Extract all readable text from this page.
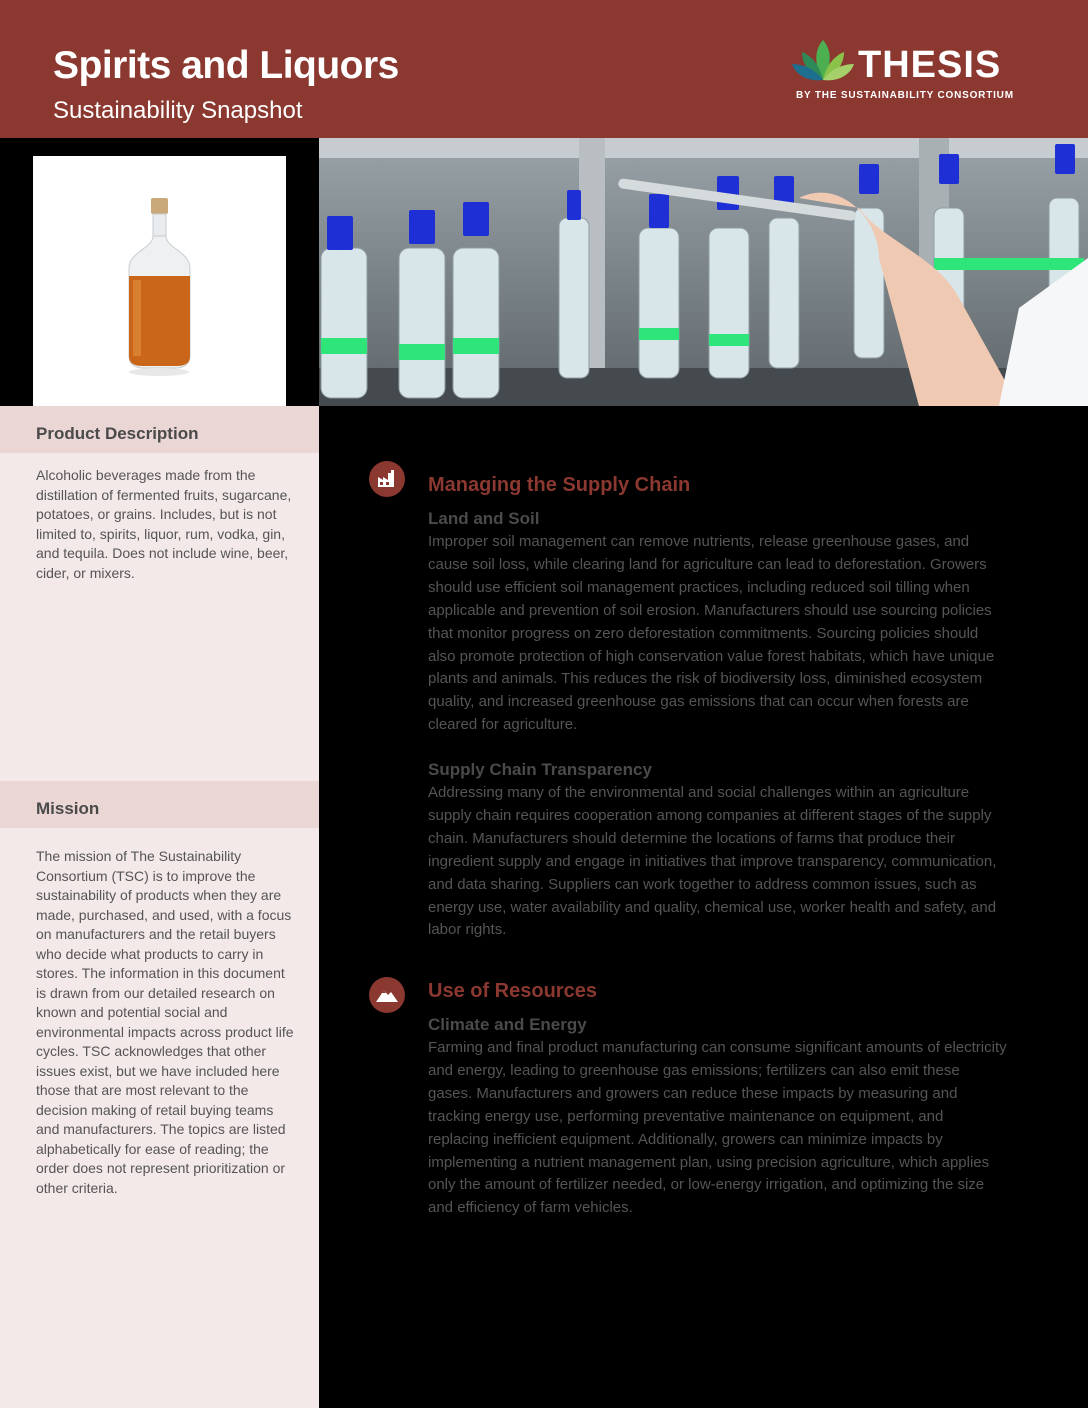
Spirits and Liquors
Sustainability Snapshot
THESIS
BY THE SUSTAINABILITY CONSORTIUM
Product Description
Alcoholic beverages made from the distillation of fermented fruits, sugarcane, potatoes, or grains. Includes, but is not limited to, spirits, liquor, rum, vodka, gin, and tequila. Does not include wine, beer, cider, or mixers.
Mission
The mission of The Sustainability Consortium (TSC) is to improve the sustainability of products when they are made, purchased, and used, with a focus on manufacturers and the retail buyers who decide what products to carry in stores. The information in this document is drawn from our detailed research on known and potential social and environmental impacts across product life cycles. TSC acknowledges that other issues exist, but we have included here those that are most relevant to the decision making of retail buying teams and manufacturers. The topics are listed alphabetically for ease of reading; the order does not represent prioritization or other criteria.
Managing the Supply Chain
Land and Soil
Improper soil management can remove nutrients, release greenhouse gases, and cause soil loss, while clearing land for agriculture can lead to deforestation. Growers should use efficient soil management practices, including reduced soil tilling when applicable and prevention of soil erosion. Manufacturers should use sourcing policies that monitor progress on zero deforestation commitments. Sourcing policies should also promote protection of high conservation value forest habitats, which have unique plants and animals. This reduces the risk of biodiversity loss, diminished ecosystem quality, and increased greenhouse gas emissions that can occur when forests are cleared for agriculture.
Supply Chain Transparency
Addressing many of the environmental and social challenges within an agriculture supply chain requires cooperation among companies at different stages of the supply chain. Manufacturers should determine the locations of farms that produce their ingredient supply and engage in initiatives that improve transparency, communication, and data sharing. Suppliers can work together to address common issues, such as energy use, water availability and quality, chemical use, worker health and safety, and labor rights.
Use of Resources
Climate and Energy
Farming and final product manufacturing can consume significant amounts of electricity and energy, leading to greenhouse gas emissions; fertilizers can also emit these gases. Manufacturers and growers can reduce these impacts by measuring and tracking energy use, performing preventative maintenance on equipment, and replacing inefficient equipment. Additionally, growers can minimize impacts by implementing a nutrient management plan, using precision agriculture, which applies only the amount of fertilizer needed, or low-energy irrigation, and optimizing the size and efficiency of farm vehicles.
